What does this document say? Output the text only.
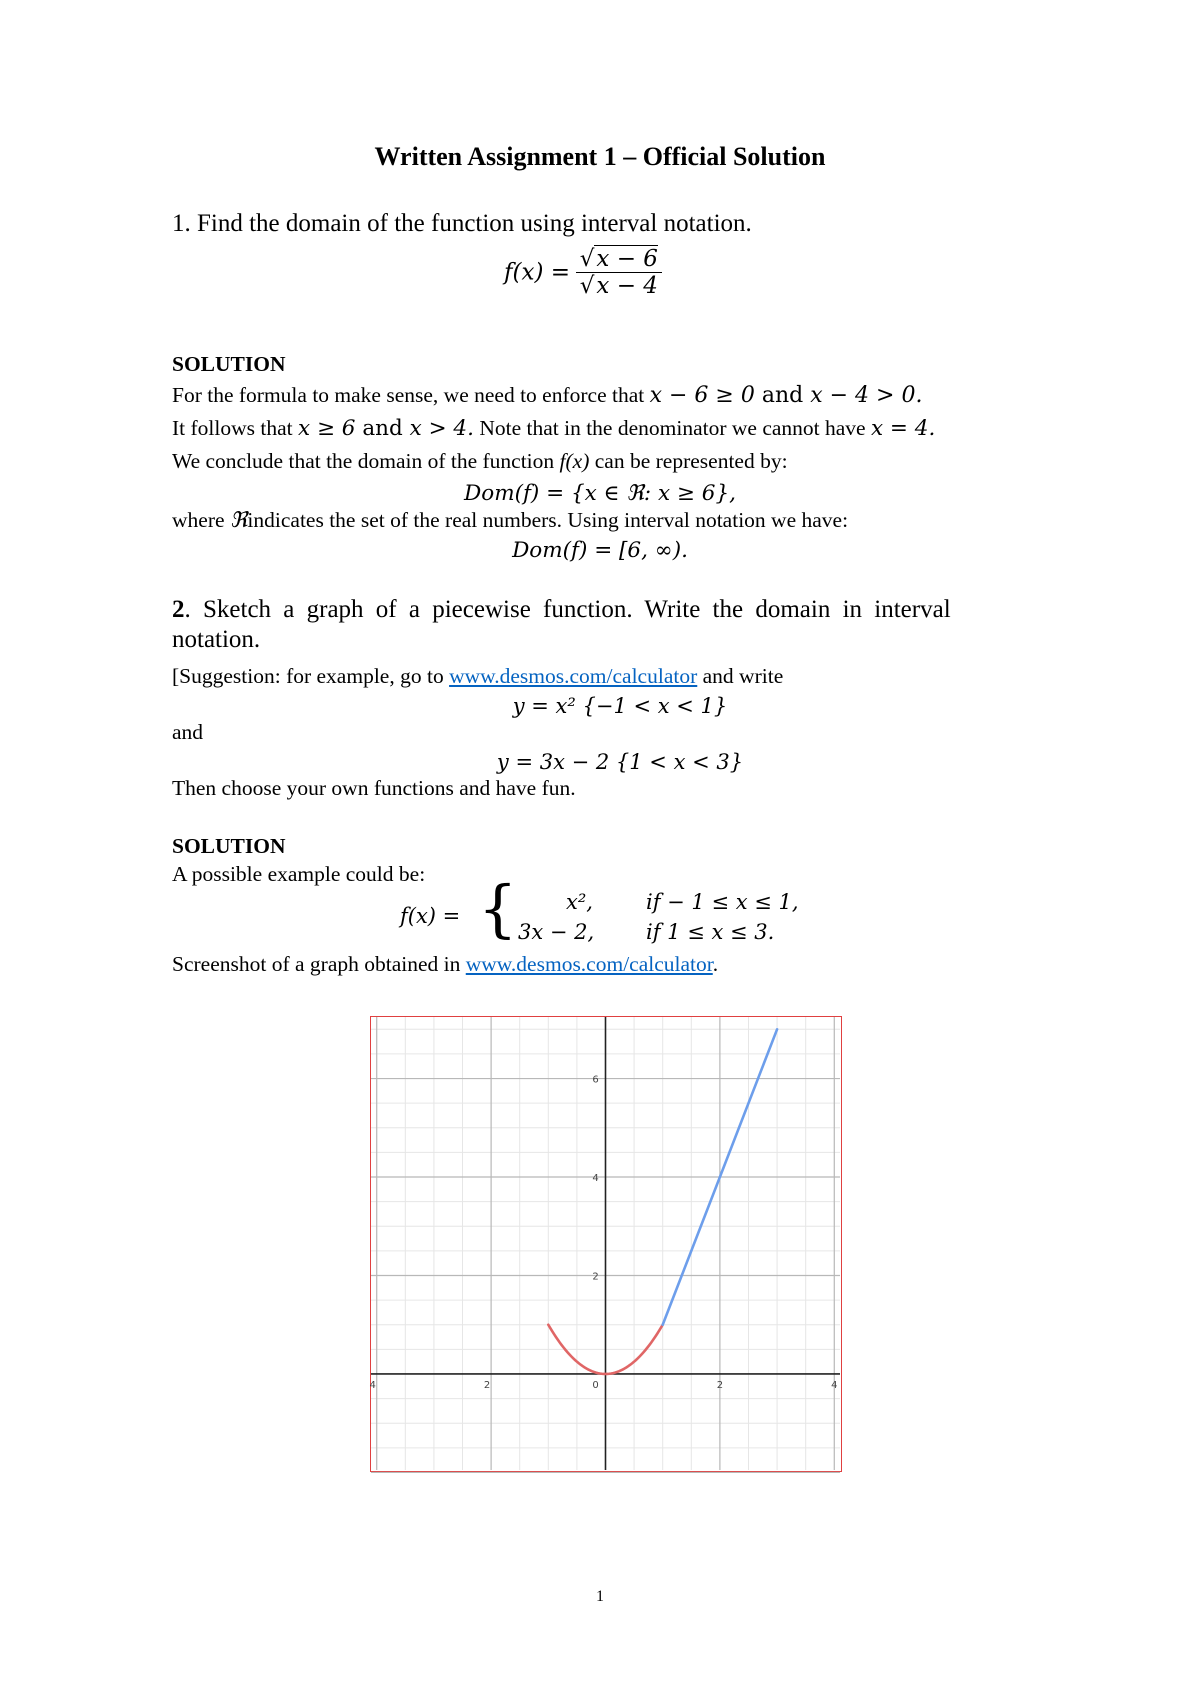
Written Assignment 1 – Official Solution
1. Find the domain of the function using interval notation.
$f(x) = \frac{√x - 6}{√x - 4}$
SOLUTION
For the formula to make sense, we need to enforce that x − 6 ≥ 0 and x − 4 > 0.
It follows that x ≥ 6 and x > 4. Note that in the denominator we cannot have x = 4.
We conclude that the domain of the function f(x) can be represented by:
Dom(f) = {x ∈ ℜ: x ≥ 6},
where ℜindicates the set of the real numbers. Using interval notation we have:
Dom(f) = [6, ∞).
2. Sketch a graph of a piecewise function. Write the domain in interval
notation.
[Suggestion: for example, go to www.desmos.com/calculator and write
y = x² {−1 < x < 1}
and
y = 3x − 2 {1 < x < 3}
Then choose your own functions and have fun.
SOLUTION
A possible example could be:
f(x) = { x²,	if − 1 ≤ x ≤ 1,
3x − 2, if 1 ≤ x ≤ 3.
Screenshot of a graph obtained in www.desmos.com/calculator.
4	2	0	2	4
2
4
6
1
